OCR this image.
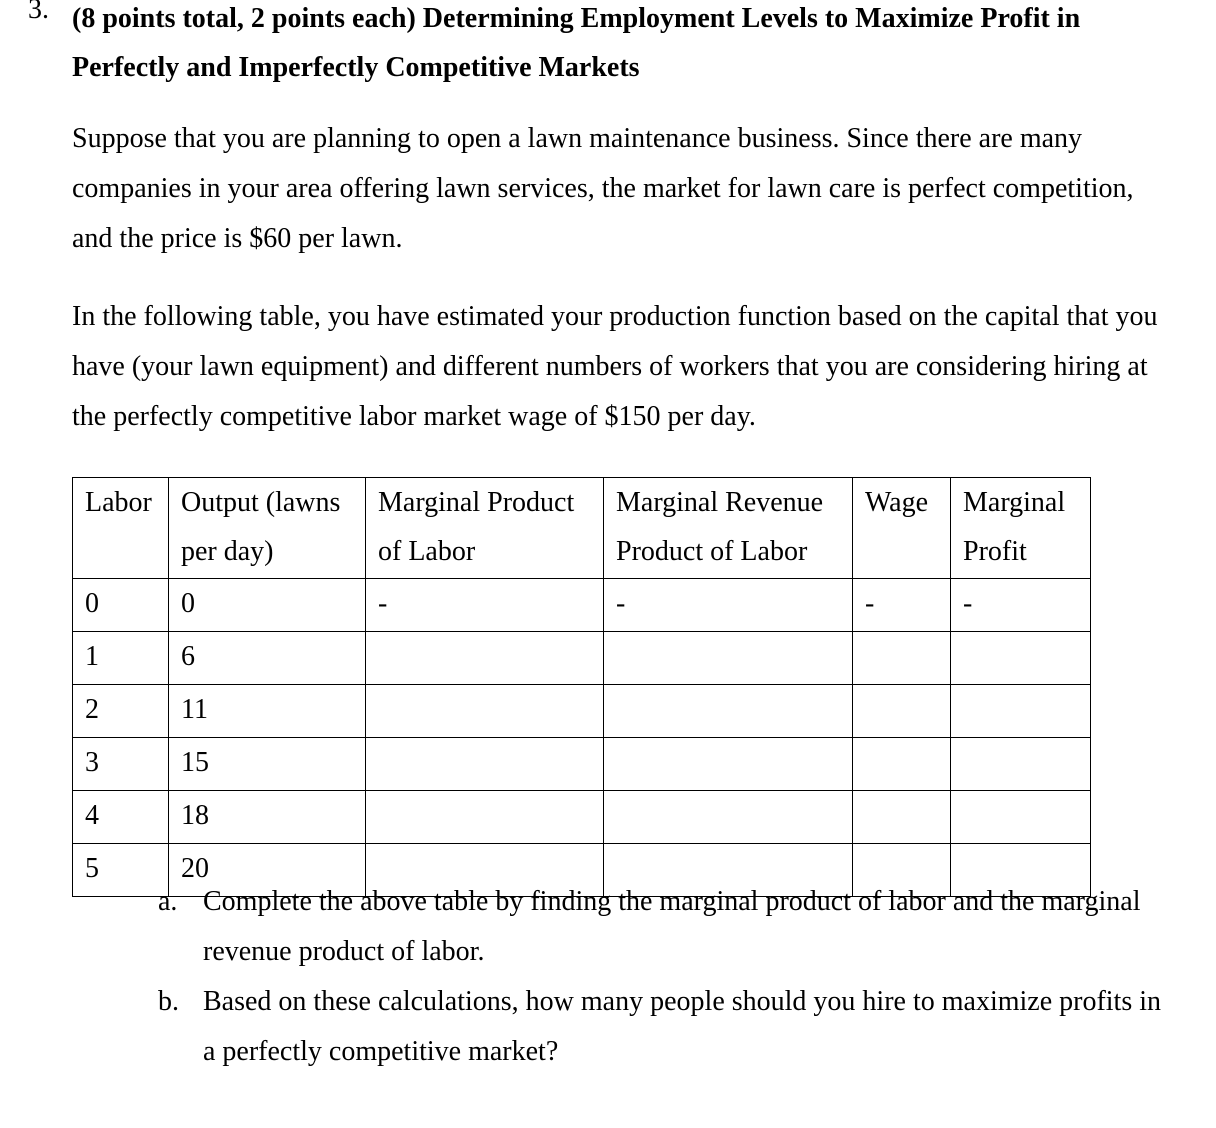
3. (8 points total, 2 points each) Determining Employment Levels to Maximize Profit in Perfectly and Imperfectly Competitive Markets
Suppose that you are planning to open a lawn maintenance business. Since there are many companies in your area offering lawn services, the market for lawn care is perfect competition, and the price is $60 per lawn.
In the following table, you have estimated your production function based on the capital that you have (your lawn equipment) and different numbers of workers that you are considering hiring at the perfectly competitive labor market wage of $150 per day.
Labor	Output (lawns per day)	Marginal Product of Labor	Marginal Revenue Product of Labor	Wage	Marginal Profit
0	0	-	-	-	-
1	6				
2	11				
3	15				
4	18				
5	20				
a. Complete the above table by finding the marginal product of labor and the marginal revenue product of labor.
b. Based on these calculations, how many people should you hire to maximize profits in a perfectly competitive market?
